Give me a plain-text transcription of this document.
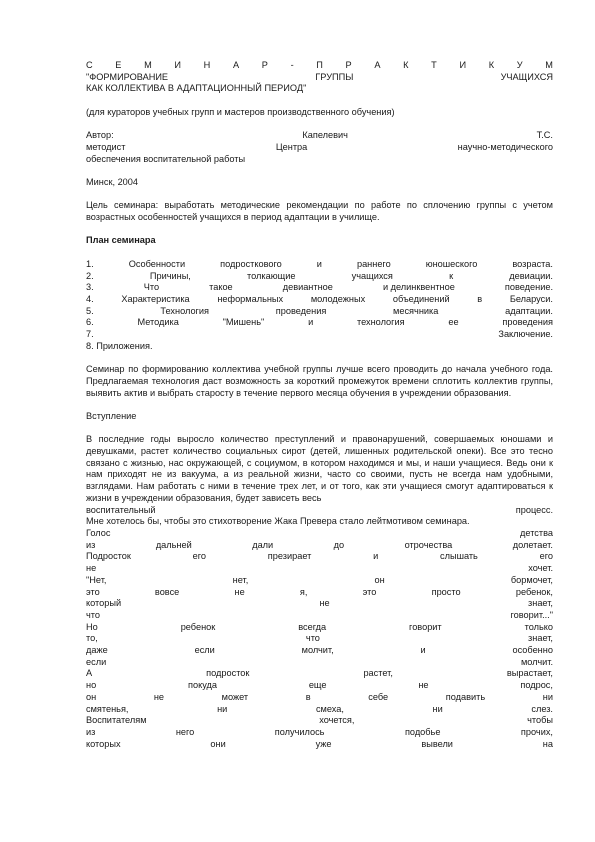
С Е М И Н А Р - П Р А К Т И К У М
"ФОРМИРОВАНИЕ	ГРУППЫ	УЧАЩИХСЯ
КАК КОЛЛЕКТИВА В АДАПТАЦИОННЫЙ ПЕРИОД"
(для кураторов учебных групп и мастеров производственного обучения)
Автор:	Капелевич	Т.С.
методист	Центра	научно-методического
обеспечения воспитательной работы
Минск, 2004

Цель семинара: выработать методические рекомендации по работе по сплочению группы с учетом возрастных особенностей учащихся в период адаптации в училище.

План семинара
1.	Особенности	подросткового	и	раннего	юношеского	возраста.
2.	Причины,	толкающие	учащихся	к	девиации.
3.	Что	такое	девиантное	и делинквентное	поведение.
4.	Характеристика	неформальных	молодежных	объединений	в	Беларуси.
5.	Технология	проведения	месячника	адаптации.
6.	Методика	"Мишень"	и	технология	ее	проведения
7.	Заключение.
8. Приложения.

Семинар по формированию коллектива учебной группы лучше всего проводить до начала учебного года. Предлагаемая технология даст возможность за короткий промежуток времени сплотить коллектив группы, выявить актив и выбрать старосту в течение первого месяца обучения в учреждении образования.

Вступление

В последние годы выросло количество преступлений и правонарушений, совершаемых юношами и девушками, растет количество социальных сирот (детей, лишенных родительской опеки). Все это тесно связано с жизнью, нас окружающей, с социумом, в котором находимся и мы, и наши учащиеся. Ведь они к нам приходят не из вакуума, а из реальной жизни, часто со своими, пусть не всегда нам удобными, взглядами. Нам работать с ними в течение трех лет, и от того, как эти учащиеся смогут адаптироваться к жизни в учреждении образования, будет зависеть весь

воспитательный	процесс.

Мне хотелось бы, чтобы это стихотворение Жака Превера стало лейтмотивом семинара.

Голос	детства
из	дальней	дали	до	отрочества	долетает.
Подросток	его	презирает	и	слышать	его
не	хочет.
"Нет,	нет,	он	бормочет,
это	вовсе	не	я,	это	просто	ребенок,
который	не	знает,
что	говорит..."
Но	ребенок	всегда	говорит	только
то,	что	знает,
даже	если	молчит,	и	особенно
если	молчит.
А	подросток	растет,	вырастает,
но	покуда	еще	не	подрос,
он	не	может	в	себе	подавить	ни
смятенья,	ни	смеха,	ни	слез.
Воспитателям	хочется,	чтобы
из	него	получилось	подобье	прочих,
которых	они	уже	вывели	на
